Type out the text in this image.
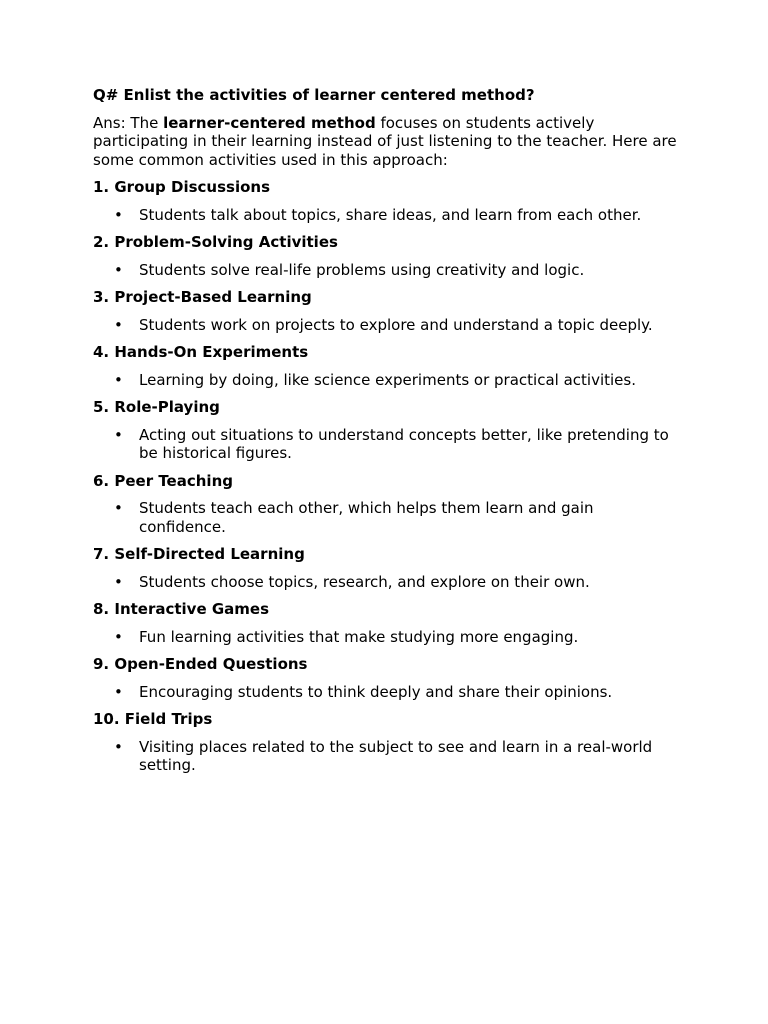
Q# Enlist the activities of learner centered method?

Ans: The learner-centered method focuses on students actively participating in their learning instead of just listening to the teacher. Here are some common activities used in this approach:

1. Group Discussions

• Students talk about topics, share ideas, and learn from each other.

2. Problem-Solving Activities

• Students solve real-life problems using creativity and logic.

3. Project-Based Learning

• Students work on projects to explore and understand a topic deeply.

4. Hands-On Experiments

• Learning by doing, like science experiments or practical activities.

5. Role-Playing

• Acting out situations to understand concepts better, like pretending to be historical figures.

6. Peer Teaching

• Students teach each other, which helps them learn and gain confidence.

7. Self-Directed Learning

• Students choose topics, research, and explore on their own.

8. Interactive Games

• Fun learning activities that make studying more engaging.

9. Open-Ended Questions

• Encouraging students to think deeply and share their opinions.

10. Field Trips

• Visiting places related to the subject to see and learn in a real-world setting.
